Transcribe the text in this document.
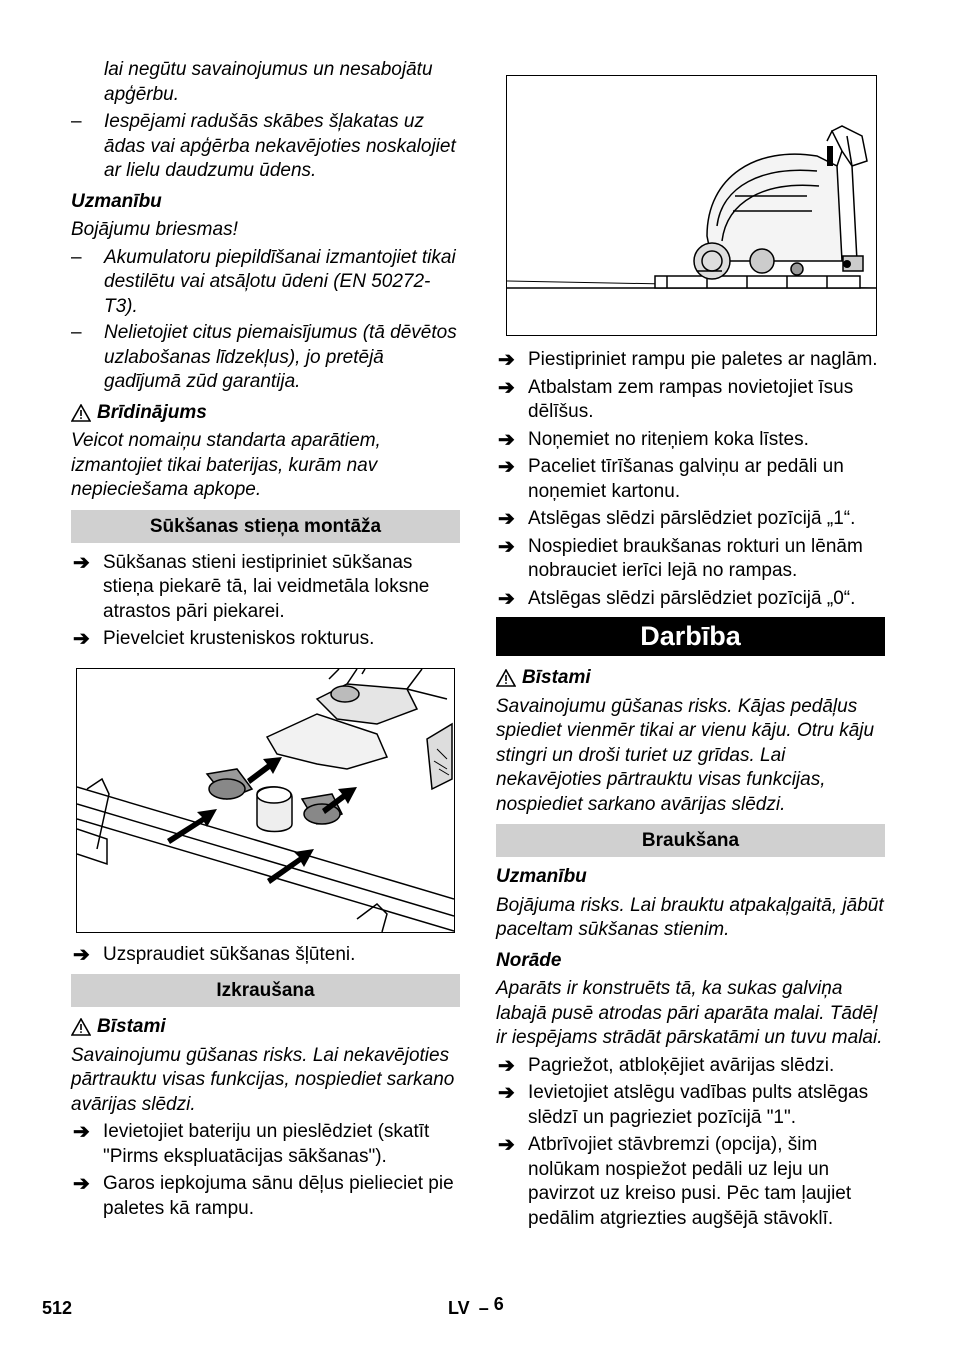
lai negūtu savainojumus un nesabojātu apģērbu.

– Iespējami radušās skābes šļakatas uz ādas vai apģērba nekavējoties noskalojiet ar lielu daudzumu ūdens.

Uzmanību

Bojājumu briesmas!

– Akumulatoru piepildīšanai izmantojiet tikai destilētu vai atsāļotu ūdeni (EN 50272-T3).

– Nelietojiet citus piemaisījumus (tā dēvētos uzlabošanas līdzekļus), jo pretējā gadījumā zūd garantija.

Brīdinājums

Veicot nomaiņu standarta aparātiem, izmantojiet tikai baterijas, kurām nav nepieciešama apkope.

Sūkšanas stieņa montāža

➔ Sūkšanas stieni iestipriniet sūkšanas stieņa piekarē tā, lai veidmetāla loksne atrastos pāri piekarei.

➔ Pievelciet krusteniskos rokturus.

➔ Uzspraudiet sūkšanas šļūteni.

Izkraušana
Bīstami

Savainojumu gūšanas risks. Lai nekavējoties pārtrauktu visas funkcijas, nospiediet sarkano avārijas slēdzi.

➔ Ievietojiet bateriju un pieslēdziet (skatīt "Pirms ekspluatācijas sākšanas").

➔ Garos iepkojuma sānu dēļus pielieciet pie paletes kā rampu.

➔ Piestipriniet rampu pie paletes ar naglām.

➔ Atbalstam zem rampas novietojiet īsus dēlīšus.

➔ Noņemiet no riteņiem koka līstes.

➔ Paceliet tīrīšanas galviņu ar pedāli un noņemiet kartonu.

➔ Atslēgas slēdzi pārslēdziet pozīcijā „1“.

➔ Nospiediet braukšanas rokturi un lēnām nobrauciet ierīci lejā no rampas.

➔ Atslēgas slēdzi pārslēdziet pozīcijā „0“.

Darbība
Bīstami

Savainojumu gūšanas risks. Kājas pedāļus spiediet vienmēr tikai ar vienu kāju. Otru kāju stingri un droši turiet uz grīdas. Lai nekavējoties pārtrauktu visas funkcijas, nospiediet sarkano avārijas slēdzi.

Braukšana
Uzmanību

Bojājuma risks. Lai brauktu atpakaļgaitā, jābūt paceltam sūkšanas stienim.

Norāde

Aparāts ir konstruēts tā, ka sukas galviņa labajā pusē atrodas pāri aparāta malai. Tādēļ ir iespējams strādāt pārskatāmi un tuvu malai.

➔ Pagriežot, atbloķējiet avārijas slēdzi.

➔ Ievietojiet atslēgu vadības pults atslēgas slēdzī un pagrieziet pozīcijā "1".

➔ Atbrīvojiet stāvbremzi (opcija), šim nolūkam nospiežot pedāli uz leju un pavirzot uz kreiso pusi. Pēc tam ļaujiet pedālim atgriezties augšējā stāvoklī.

512	LV – 6
